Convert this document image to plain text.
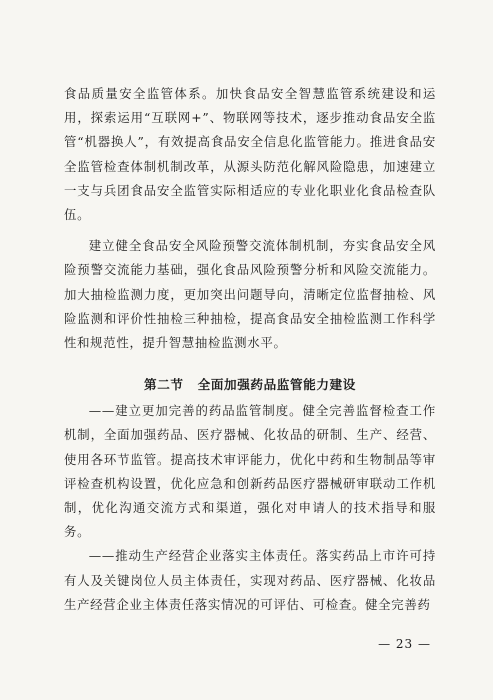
食品质量安全监管体系。加快食品安全智慧监管系统建设和运用，探索运用“互联网+”、物联网等技术，逐步推动食品安全监管“机器换人”，有效提高食品安全信息化监管能力。推进食品安全监管检查体制机制改革，从源头防范化解风险隐患，加速建立一支与兵团食品安全监管实际相适应的专业化职业化食品检查队伍。

建立健全食品安全风险预警交流体制机制，夯实食品安全风险预警交流能力基础，强化食品风险预警分析和风险交流能力。加大抽检监测力度，更加突出问题导向，清晰定位监督抽检、风险监测和评价性抽检三种抽检，提高食品安全抽检监测工作科学性和规范性，提升智慧抽检监测水平。

第二节 全面加强药品监管能力建设

——建立更加完善的药品监管制度。健全完善监督检查工作机制，全面加强药品、医疗器械、化妆品的研制、生产、经营、使用各环节监管。提高技术审评能力，优化中药和生物制品等审评检查机构设置，优化应急和创新药品医疗器械研审联动工作机制，优化沟通交流方式和渠道，强化对申请人的技术指导和服务。

——推动生产经营企业落实主体责任。落实药品上市许可持有人及关键岗位人员主体责任，实现对药品、医疗器械、化妆品生产经营企业主体责任落实情况的可评估、可检查。健全完善药

— 23 —
